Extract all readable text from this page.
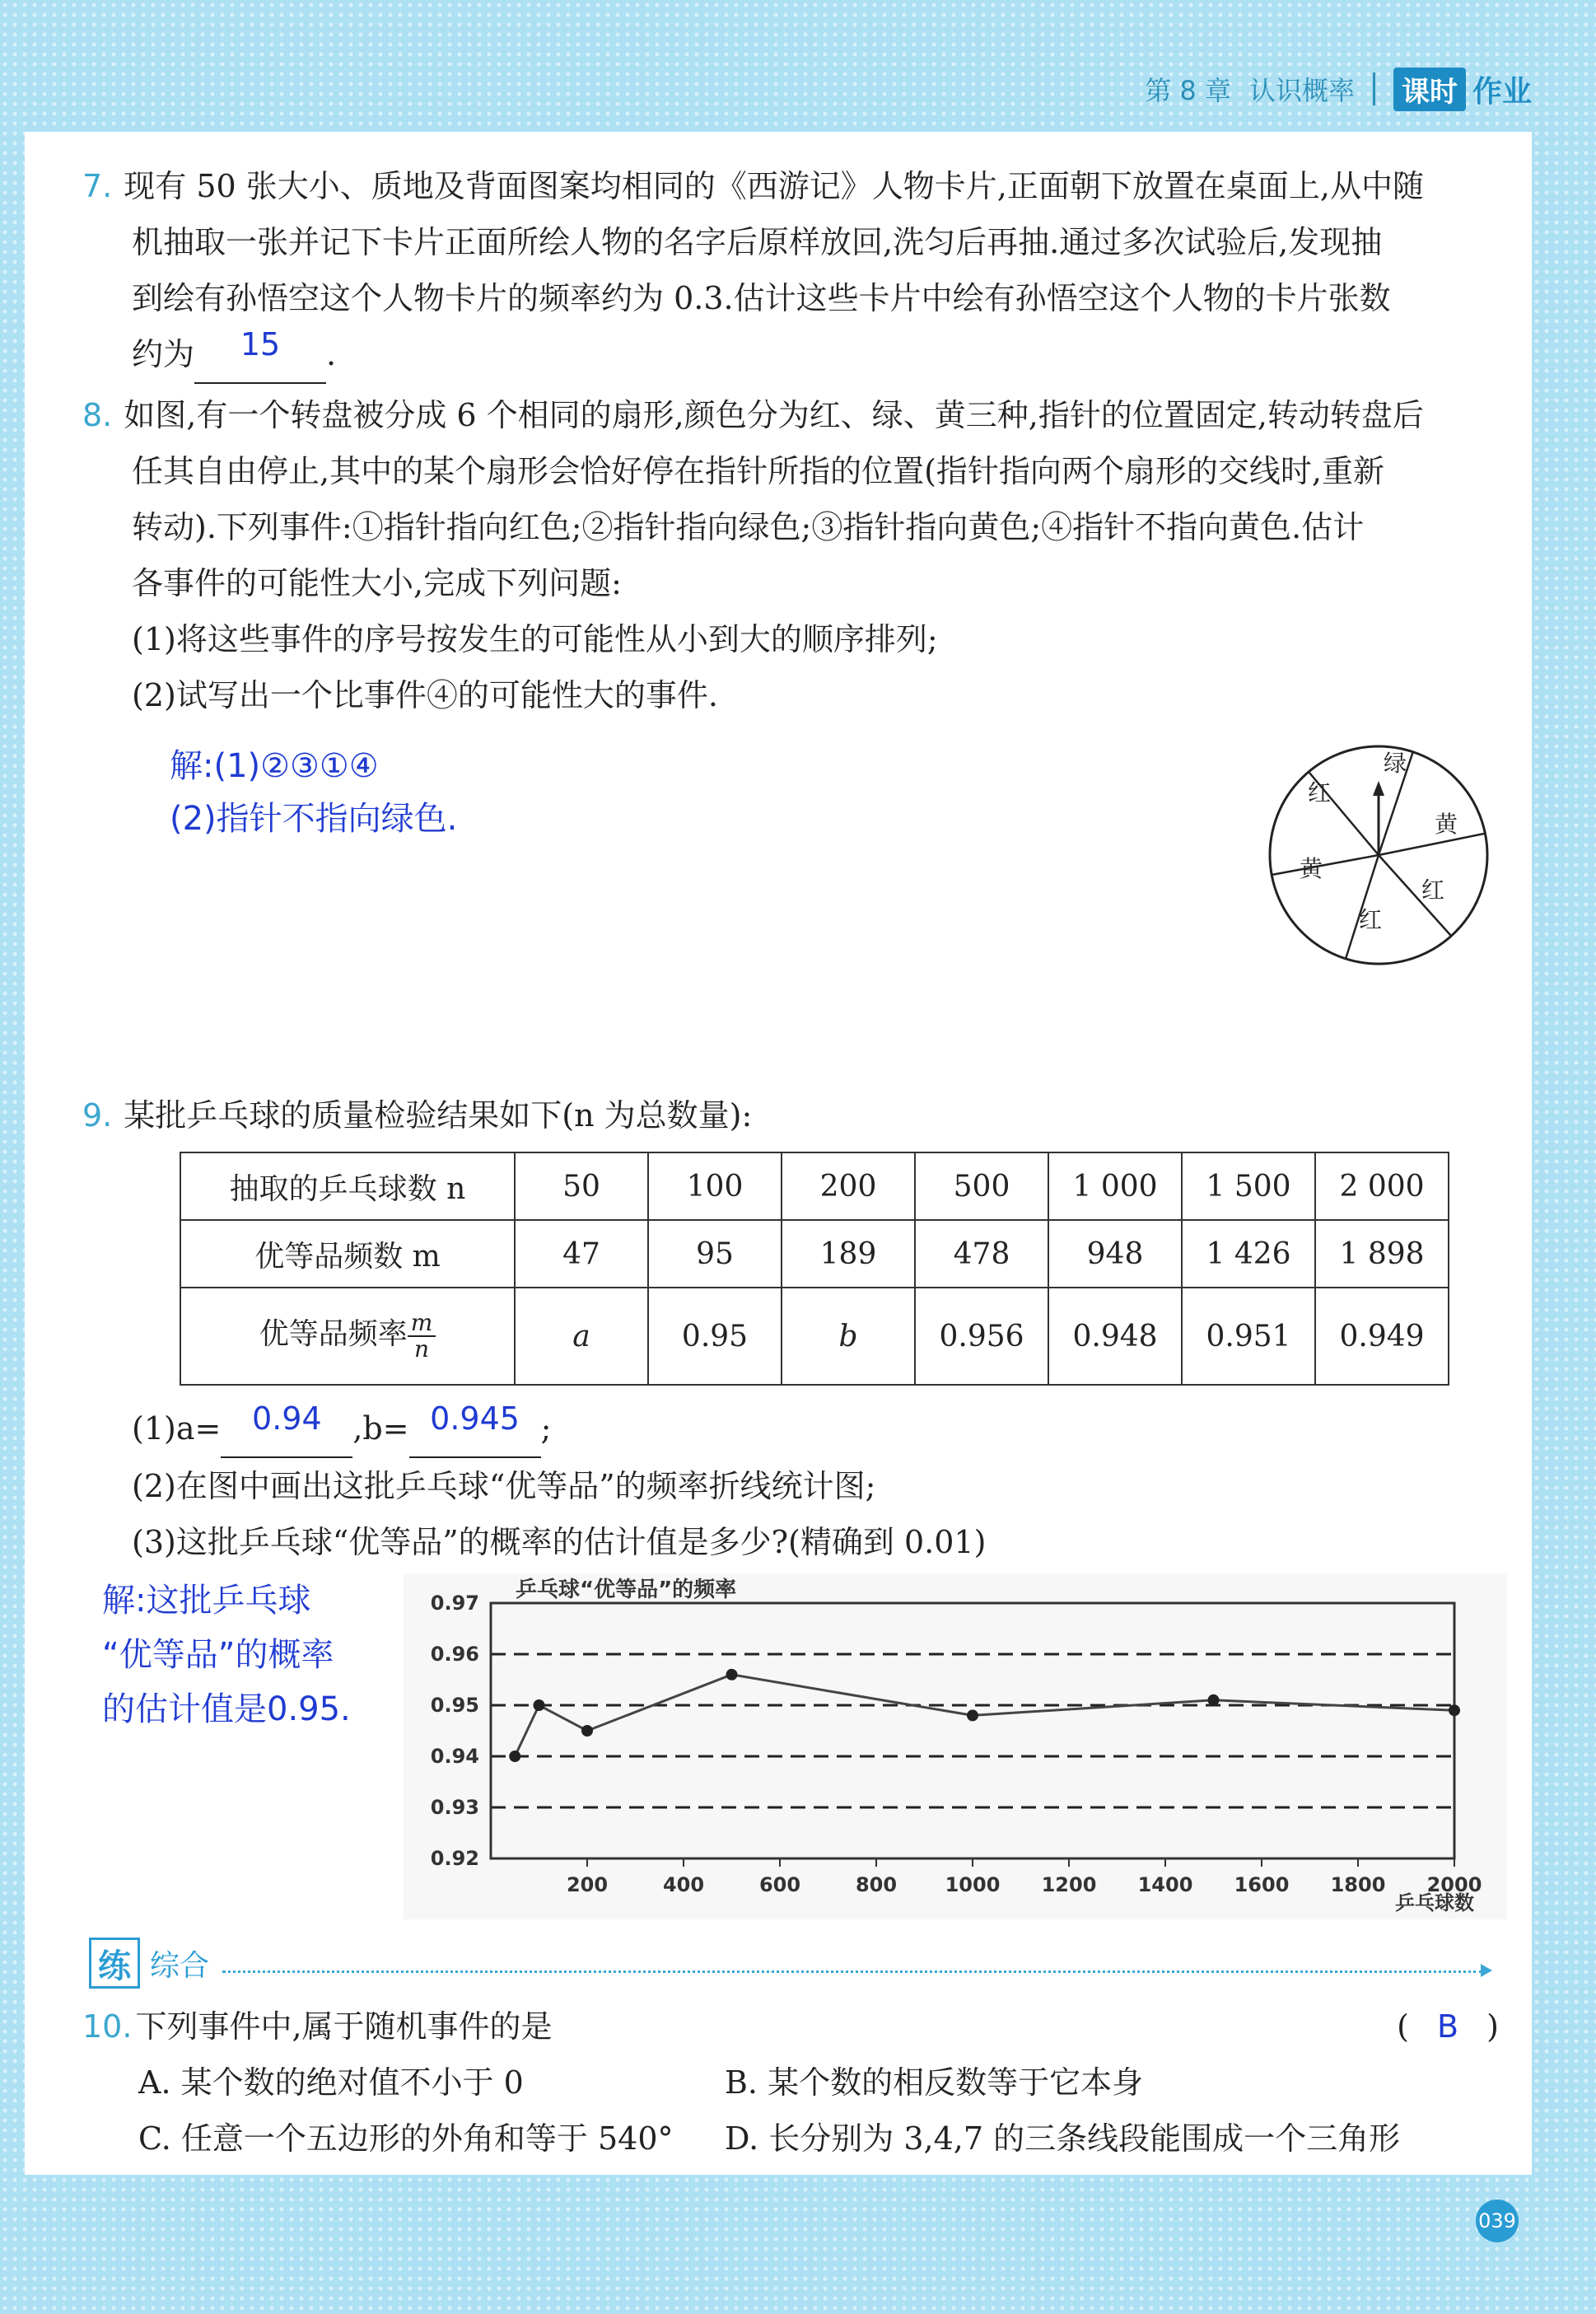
第 8 章 认识概率 课时 作业
7. 现有 50 张大小、质地及背面图案均相同的《西游记》人物卡片,正面朝下放置在桌面上,从中随
机抽取一张并记下卡片正面所绘人物的名字后原样放回,洗匀后再抽.通过多次试验后,发现抽
到绘有孙悟空这个人物卡片的频率约为 0.3.估计这些卡片中绘有孙悟空这个人物的卡片张数
约为 15 .
8. 如图,有一个转盘被分成 6 个相同的扇形,颜色分为红、绿、黄三种,指针的位置固定,转动转盘后
任其自由停止,其中的某个扇形会恰好停在指针所指的位置(指针指向两个扇形的交线时,重新
转动).下列事件:①指针指向红色;②指针指向绿色;③指针指向黄色;④指针不指向黄色.估计
各事件的可能性大小,完成下列问题:
(1)将这些事件的序号按发生的可能性从小到大的顺序排列;
(2)试写出一个比事件④的可能性大的事件.
解:(1)②③①④
(2)指针不指向绿色.
绿
红
黄
黄
红
红
9. 某批乒乓球的质量检验结果如下(n 为总数量):
抽取的乒乓球数 n	50	100	200	500	1 000	1 500	2 000
优等品频数 m	47	95	189	478	948	1 426	1 898
优等品频率 $\frac{m}{n}$	a	0.95	b	0.956	0.948	0.951	0.949
(1)a= 0.94 ,b= 0.945 ;
(2)在图中画出这批乒乓球“优等品”的频率折线统计图;
(3)这批乒乓球“优等品”的概率的估计值是多少?(精确到 0.01)
解:这批乒乓球
“优等品”的概率
的估计值是0.95.
乒乓球“优等品”的频率
0.92
0.93
0.94
0.95
0.96
0.97
200	400	600	800 1000 1200 1400 1600 1800 2000
乒乓球数
练 综合
10. 下列事件中,属于随机事件的是	( B )
A. 某个数的绝对值不小于 0	B. 某个数的相反数等于它本身
C. 任意一个五边形的外角和等于 540°	D. 长分别为 3,4,7 的三条线段能围成一个三角形
039
